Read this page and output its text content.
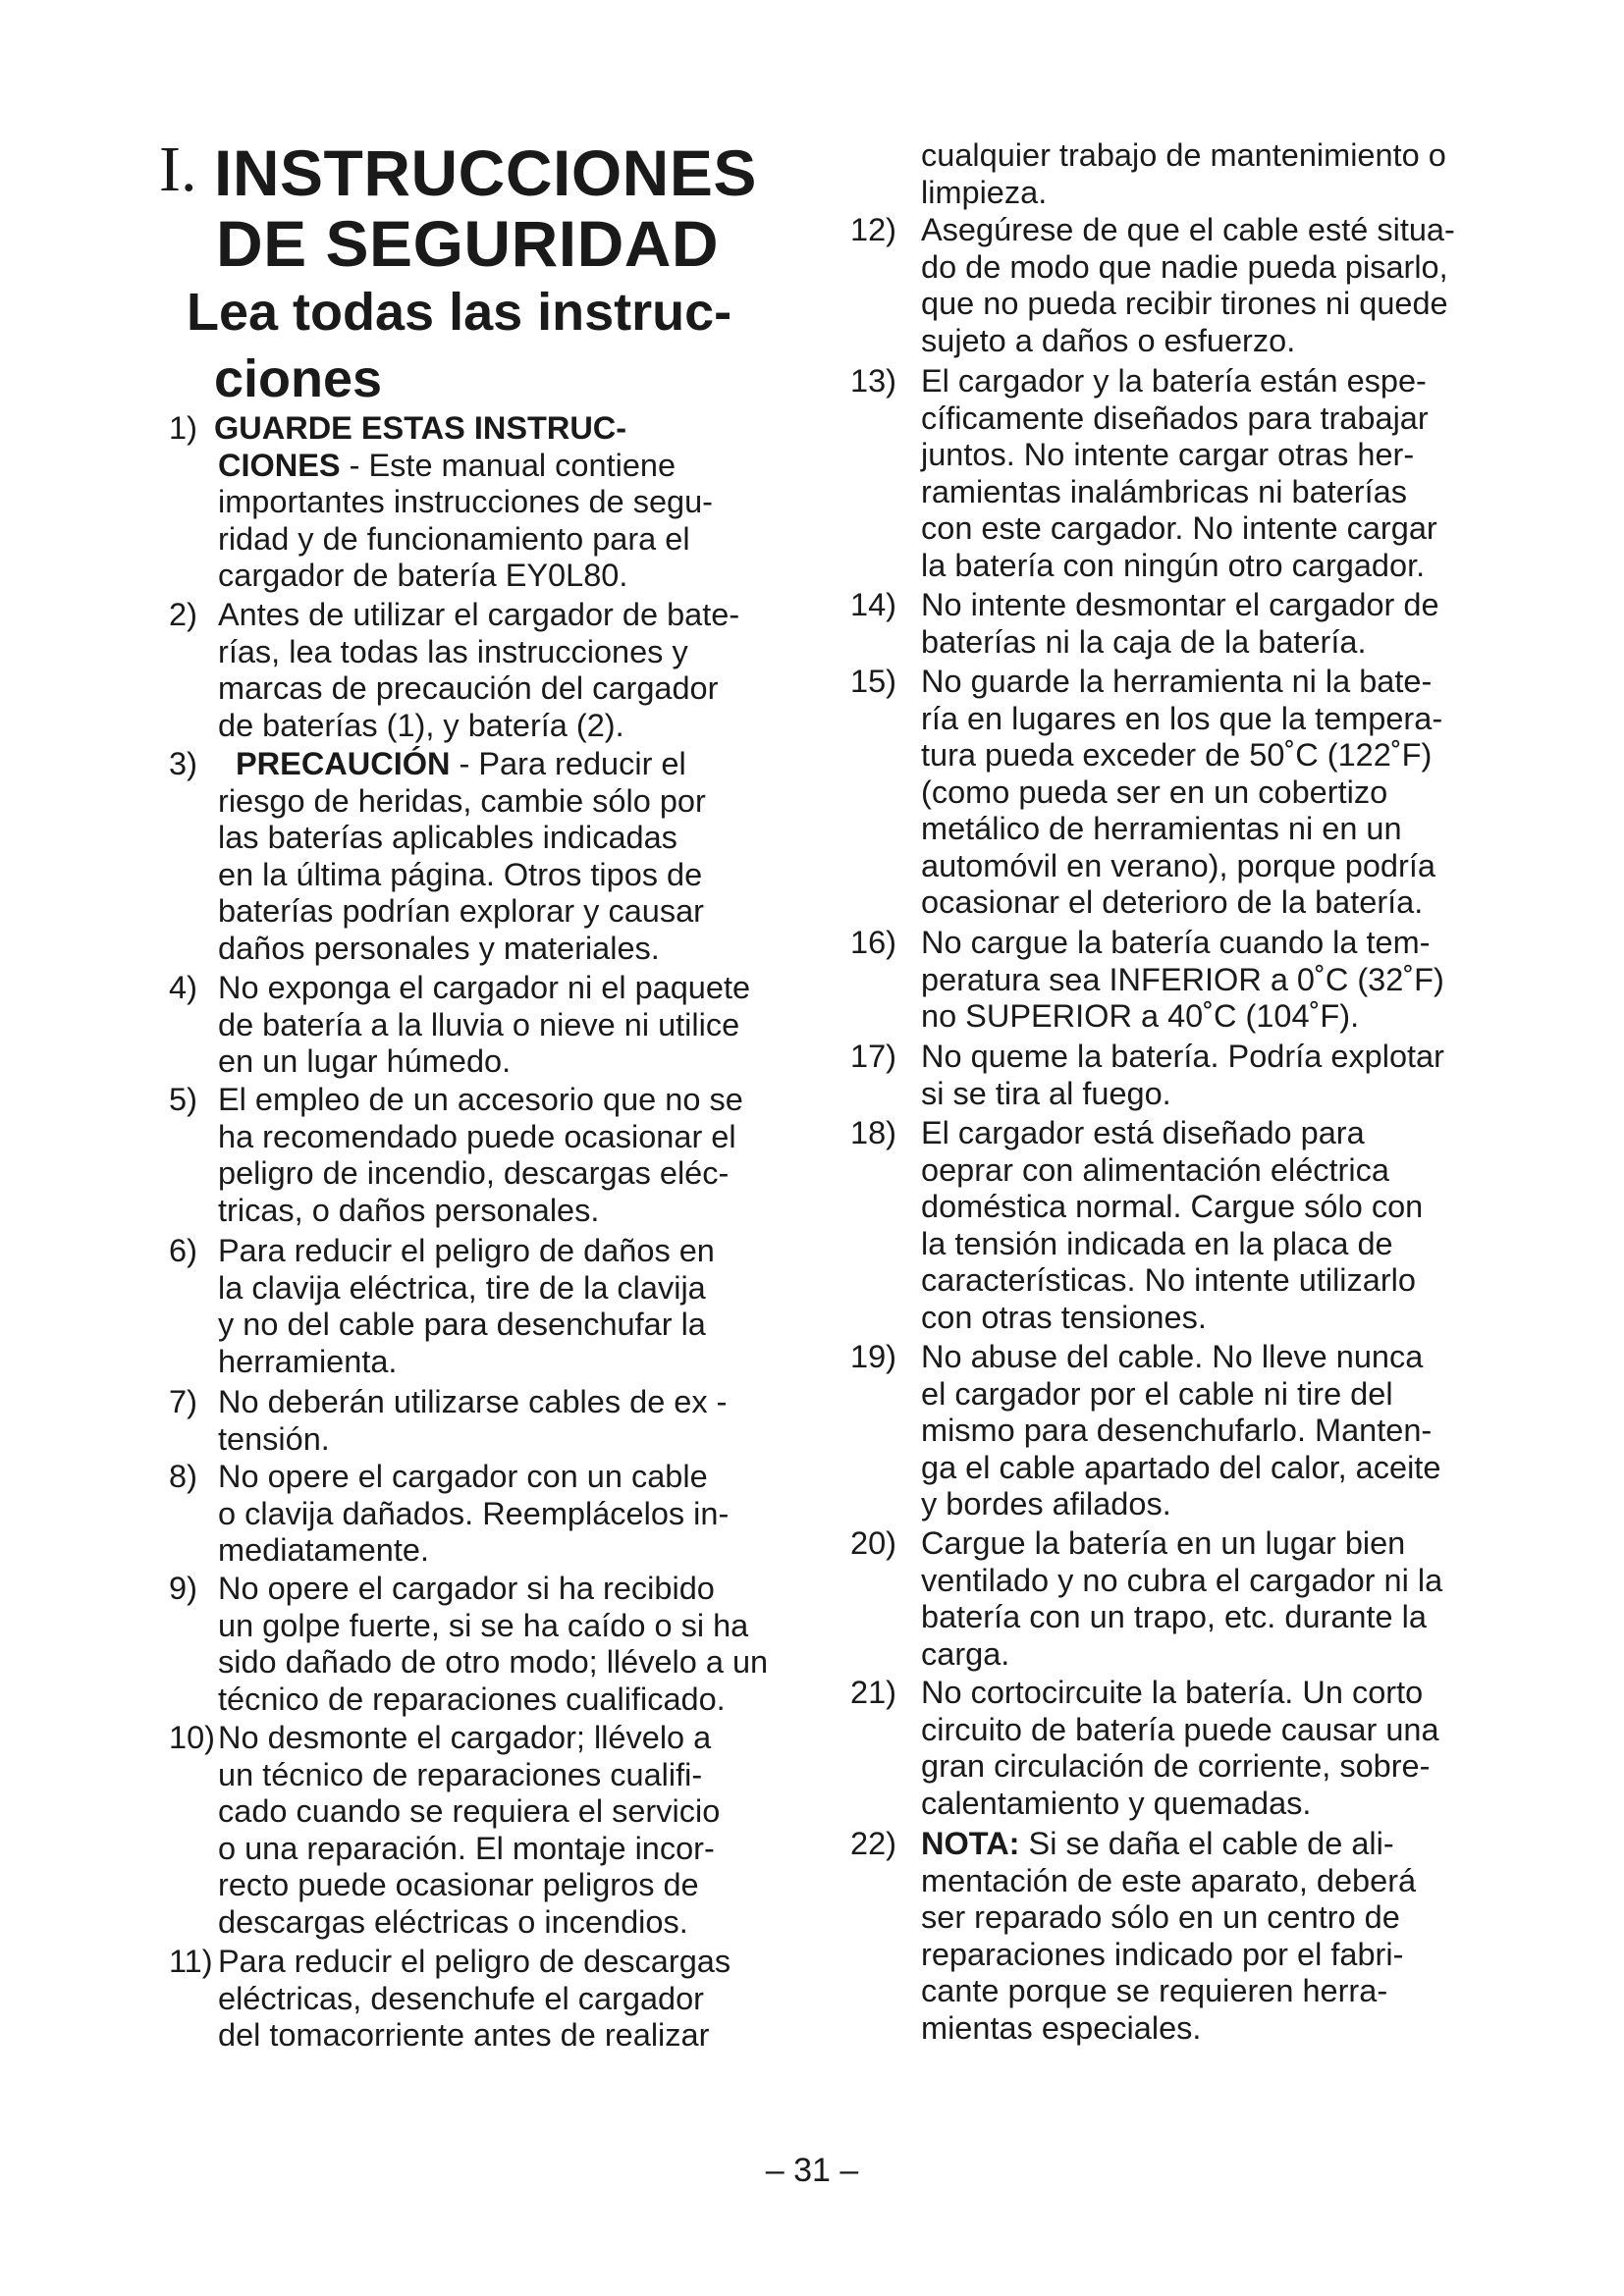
I. INSTRUCCIONES
DE SEGURIDAD
Lea todas las instruc-
ciones
1) GUARDE ESTAS INSTRUC-
CIONES - Este manual contiene
importantes instrucciones de segu-
ridad y de funcionamiento para el
cargador de batería EY0L80.
2) Antes de utilizar el cargador de bate-
rías, lea todas las instrucciones y
marcas de precaución del cargador
de baterías (1), y batería (2).
3) PRECAUCIÓN - Para reducir el
riesgo de heridas, cambie sólo por
las baterías aplicables indicadas
en la última página. Otros tipos de
baterías podrían explorar y causar
daños personales y materiales.
4) No exponga el cargador ni el paquete
de batería a la lluvia o nieve ni utilice
en un lugar húmedo.
5) El empleo de un accesorio que no se
ha recomendado puede ocasionar el
peligro de incendio, descargas eléc-
tricas, o daños personales.
6) Para reducir el peligro de daños en
la clavija eléctrica, tire de la clavija
y no del cable para desenchufar la
herramienta.
7) No deberán utilizarse cables de ex -
tensión.
8) No opere el cargador con un cable
o clavija dañados. Reemplácelos in-
mediatamente.
9) No opere el cargador si ha recibido
un golpe fuerte, si se ha caído o si ha
sido dañado de otro modo; llévelo a un
técnico de reparaciones cualificado.
10) No desmonte el cargador; llévelo a
un técnico de reparaciones cualifi-
cado cuando se requiera el servicio
o una reparación. El montaje incor-
recto puede ocasionar peligros de
descargas eléctricas o incendios.
11) Para reducir el peligro de descargas
eléctricas, desenchufe el cargador
del tomacorriente antes de realizar
cualquier trabajo de mantenimiento o
limpieza.
12) Asegúrese de que el cable esté situa-
do de modo que nadie pueda pisarlo,
que no pueda recibir tirones ni quede
sujeto a daños o esfuerzo.
13) El cargador y la batería están espe-
cíficamente diseñados para trabajar
juntos. No intente cargar otras her-
ramientas inalámbricas ni baterías
con este cargador. No intente cargar
la batería con ningún otro cargador.
14) No intente desmontar el cargador de
baterías ni la caja de la batería.
15) No guarde la herramienta ni la bate-
ría en lugares en los que la tempera-
tura pueda exceder de 50˚C (122˚F)
(como pueda ser en un cobertizo
metálico de herramientas ni en un
automóvil en verano), porque podría
ocasionar el deterioro de la batería.
16) No cargue la batería cuando la tem-
peratura sea INFERIOR a 0˚C (32˚F)
no SUPERIOR a 40˚C (104˚F).
17) No queme la batería. Podría explotar
si se tira al fuego.
18) El cargador está diseñado para
oeprar con alimentación eléctrica
doméstica normal. Cargue sólo con
la tensión indicada en la placa de
características. No intente utilizarlo
con otras tensiones.
19) No abuse del cable. No lleve nunca
el cargador por el cable ni tire del
mismo para desenchufarlo. Manten-
ga el cable apartado del calor, aceite
y bordes afilados.
20) Cargue la batería en un lugar bien
ventilado y no cubra el cargador ni la
batería con un trapo, etc. durante la
carga.
21) No cortocircuite la batería. Un corto
circuito de batería puede causar una
gran circulación de corriente, sobre-
calentamiento y quemadas.
22) NOTA: Si se daña el cable de ali-
mentación de este aparato, deberá
ser reparado sólo en un centro de
reparaciones indicado por el fabri-
cante porque se requieren herra-
mientas especiales.
– 31 –
